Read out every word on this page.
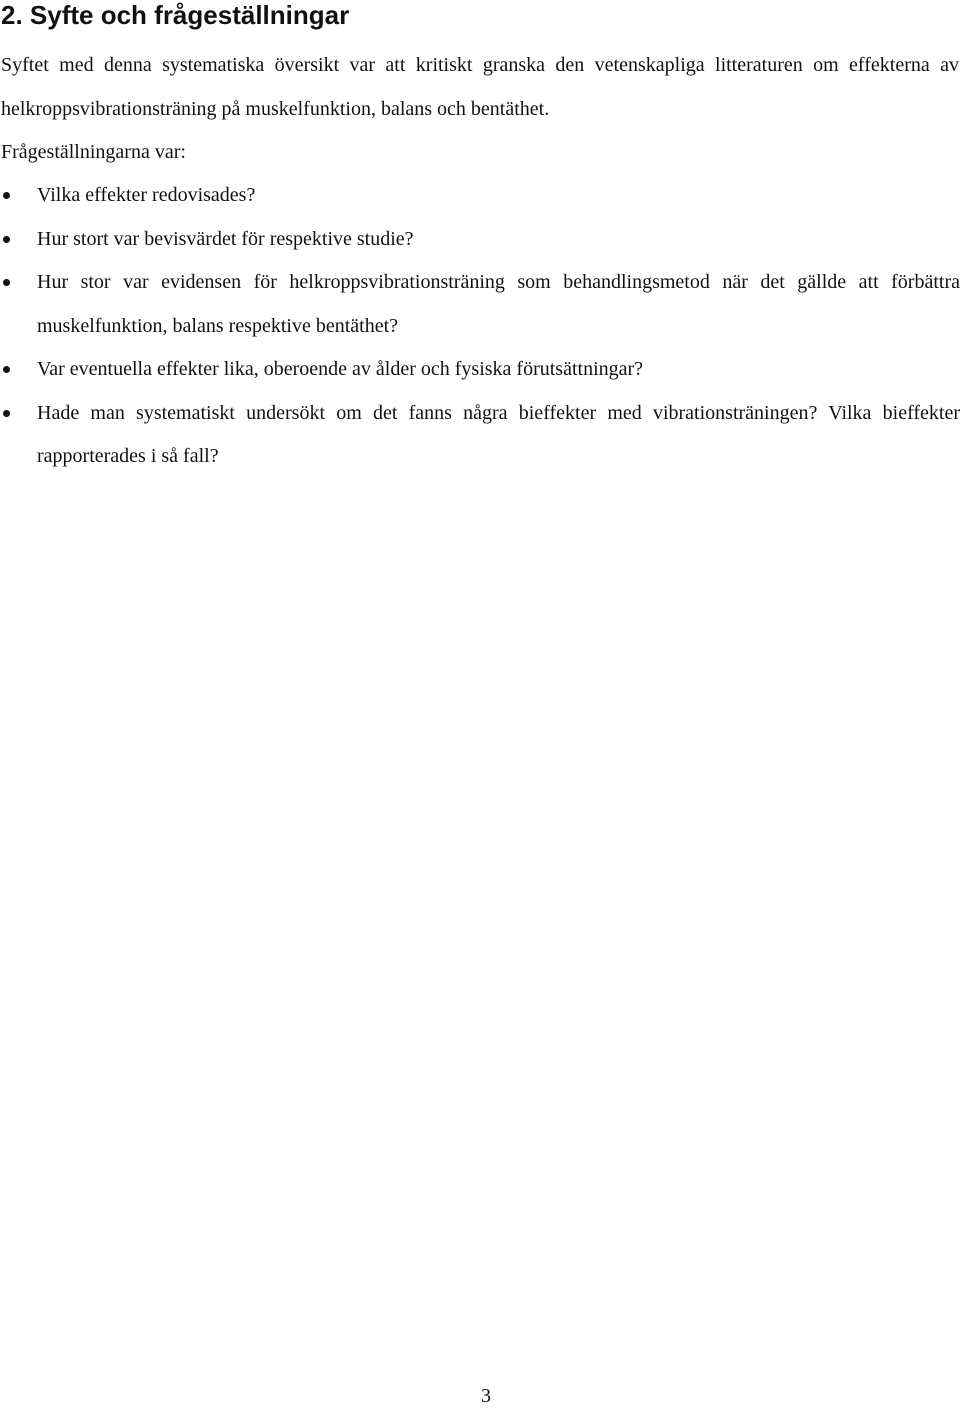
2. Syfte och frågeställningar

Syftet med denna systematiska översikt var att kritiskt granska den vetenskapliga litteraturen om effekterna av helkroppsvibrationsträning på muskelfunktion, balans och bentäthet.

Frågeställningarna var:

Vilka effekter redovisades?
Hur stort var bevisvärdet för respektive studie?
Hur stor var evidensen för helkroppsvibrationsträning som behandlingsmetod när det gällde att förbättra muskelfunktion, balans respektive bentäthet?
Var eventuella effekter lika, oberoende av ålder och fysiska förutsättningar?
Hade man systematiskt undersökt om det fanns några bieffekter med vibrationsträningen? Vilka bieffekter rapporterades i så fall?

3
